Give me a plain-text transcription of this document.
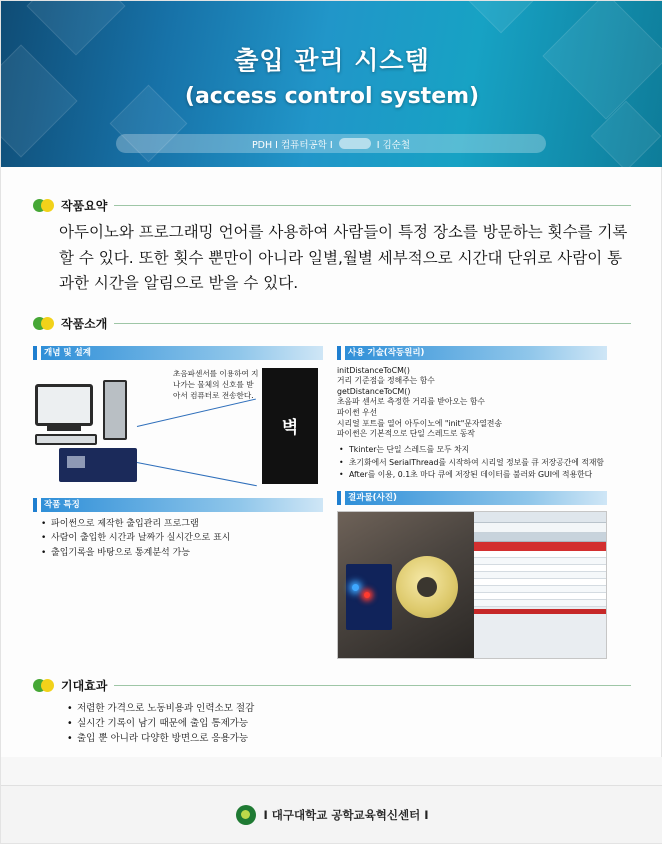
출입 관리 시스템
(access control system)
PDH Ⅰ 컴퓨터공학 Ⅰ	Ⅰ 김순철
작품요약
아두이노와 프로그래밍 언어를 사용하여 사람들이 특정 장소를 방문하는 횟수를 기록할 수 있다. 또한 횟수 뿐만이 아니라 일별,월별 세부적으로 시간대 단위로 사람이 통과한 시간을 알림으로 받을 수 있다.
작품소개
개념 및 설계
초음파센서를 이용하여 지나가는 물체의 신호를 받아서 컴퓨터로 전송한다.
벽
작품 특징
• 파이썬으로 제작한 출입관리 프로그램
• 사람이 출입한 시간과 날짜가 실시간으로 표시
• 출입기록을 바탕으로 통계분석 가능
사용 기술(작동원리)

initDistanceToCM()

거리 기준점을 정해주는 함수

getDistanceToCM()

초음파 센서로 측정한 거리를 받아오는 함수

파이썬 우선

시리얼 포트를 열어 아두이노에 "init"문자열전송

파이썬은 기본적으로 단일 스레드로 동작

• Tkinter는 단일 스레드를 모두 차지
• 초기화에서 SerialThread를 시작하여 시리얼 정보를 큐 저장공간에 적재함
• After를 이용, 0.1초 마다 큐에 저장된 데이터를 불러와 GUI에 적용한다
결과물(사진)
기대효과
• 저렴한 가격으로 노동비용과 인력소모 절감
• 실시간 기록이 남기 때문에 출입 통제가능
• 출입 뿐 아니라 다양한 방면으로 응용가능
Ⅰ 대구대학교 공학교육혁신센터 Ⅰ
